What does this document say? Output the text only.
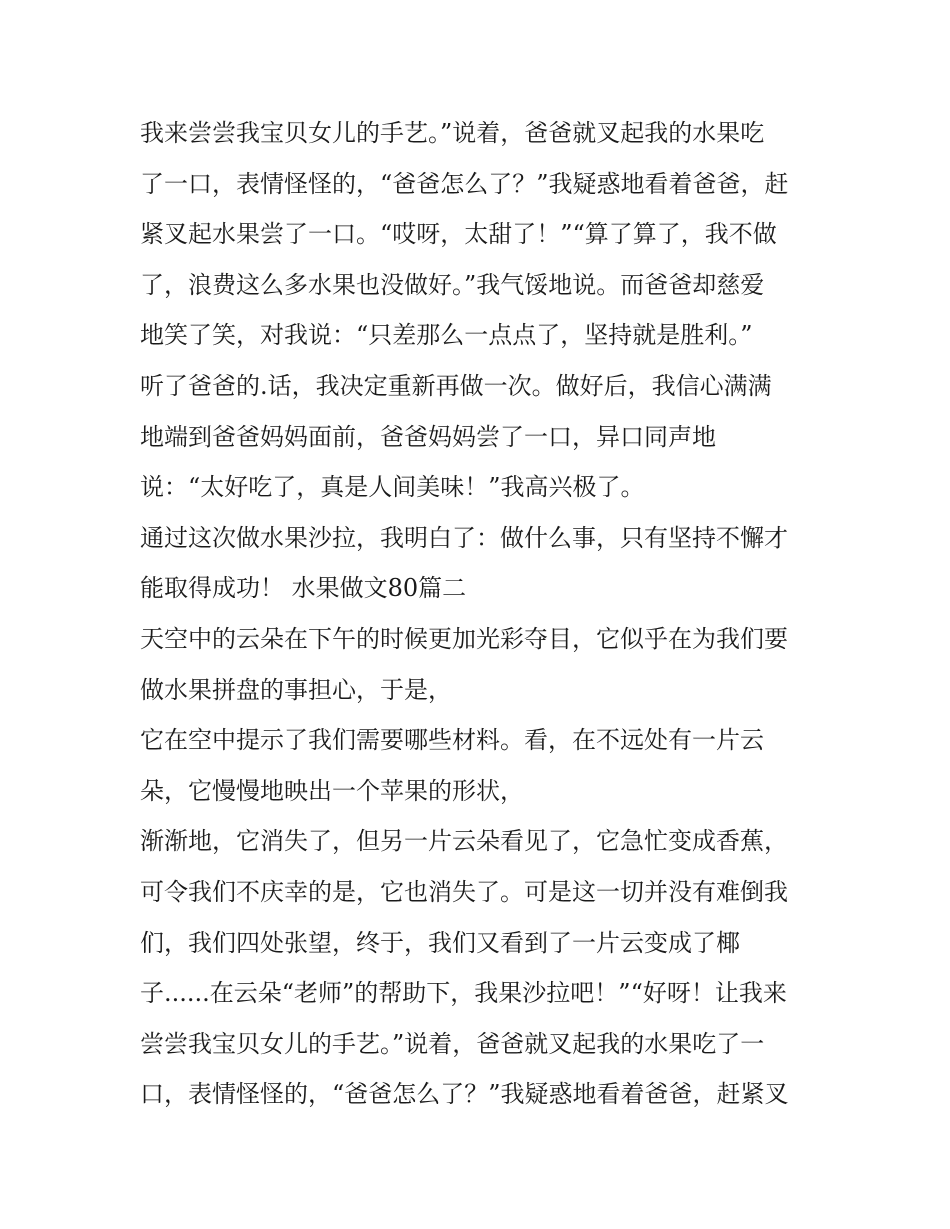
我来尝尝我宝贝女儿的手艺。”说着，爸爸就叉起我的水果吃
了一口，表情怪怪的，“爸爸怎么了？”我疑惑地看着爸爸，赶
紧叉起水果尝了一口。“哎呀，太甜了！”“算了算了，我不做
了，浪费这么多水果也没做好。”我气馁地说。而爸爸却慈爱
地笑了笑，对我说：“只差那么一点点了，坚持就是胜利。”
听了爸爸的.话，我决定重新再做一次。做好后，我信心满满
地端到爸爸妈妈面前，爸爸妈妈尝了一口，异口同声地
说：“太好吃了，真是人间美味！”我高兴极了。
通过这次做水果沙拉，我明白了：做什么事，只有坚持不懈才
能取得成功！ 水果做文80篇二
天空中的云朵在下午的时候更加光彩夺目，它似乎在为我们要
做水果拼盘的事担心，于是，
它在空中提示了我们需要哪些材料。看，在不远处有一片云
朵，它慢慢地映出一个苹果的形状，
渐渐地，它消失了，但另一片云朵看见了，它急忙变成香蕉，
可令我们不庆幸的是，它也消失了。可是这一切并没有难倒我
们，我们四处张望，终于，我们又看到了一片云变成了椰
子......在云朵“老师”的帮助下，我果沙拉吧！”“好呀！让我来
尝尝我宝贝女儿的手艺。”说着，爸爸就叉起我的水果吃了一
口，表情怪怪的，“爸爸怎么了？”我疑惑地看着爸爸，赶紧叉
